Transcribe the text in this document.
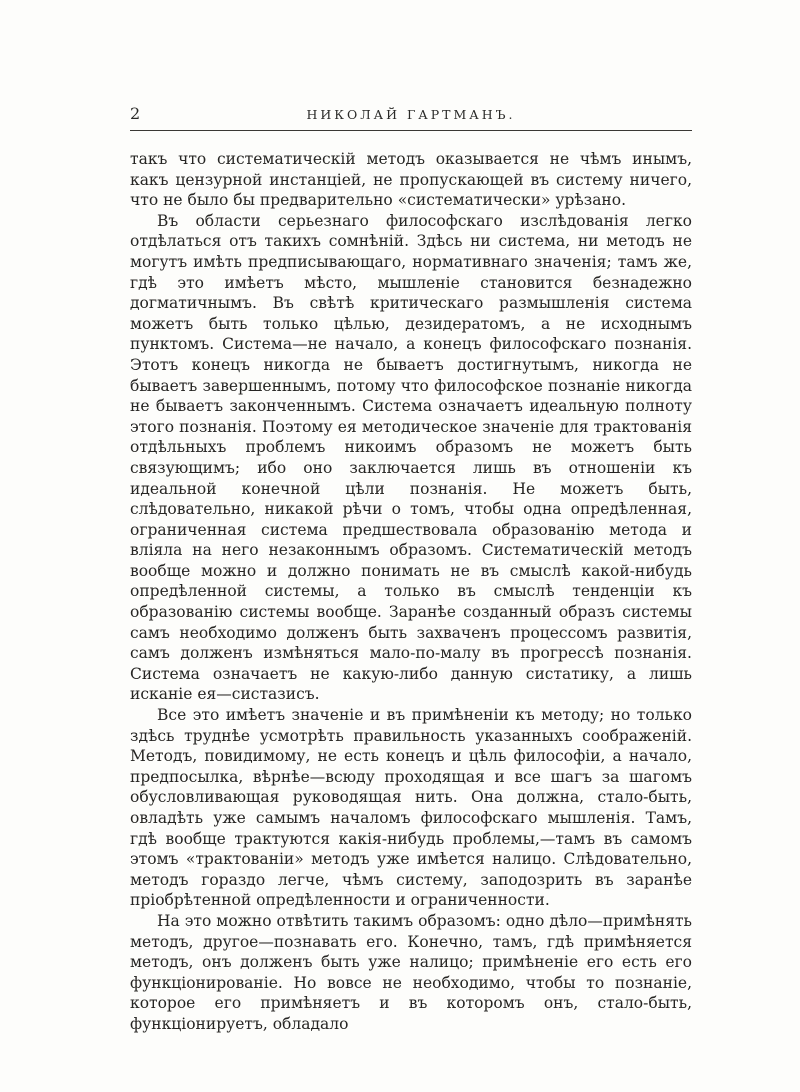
2	НИКОЛАЙ ГАРТМАНЪ.

такъ что систематическій методъ оказывается не чѣмъ инымъ, какъ цензурной инстанціей, не пропускающей въ систему ничего, что не было бы предварительно «систематически» урѣзано.

Въ области серьезнаго философскаго изслѣдованія легко отдѣлаться отъ такихъ сомнѣній. Здѣсь ни система, ни методъ не могутъ имѣть предписывающаго, нормативнаго значенія; тамъ же, гдѣ это имѣетъ мѣсто, мышленіе становится безнадежно догматичнымъ. Въ свѣтѣ критическаго размышленія система можетъ быть только цѣлью, дезидератомъ, а не исходнымъ пунктомъ. Система—не начало, а конецъ философскаго познанія. Этотъ конецъ никогда не бываетъ достигнутымъ, никогда не бываетъ завершеннымъ, потому что философское познаніе никогда не бываетъ законченнымъ. Система означаетъ идеальную полноту этого познанія. Поэтому ея методическое значеніе для трактованія отдѣльныхъ проблемъ никоимъ образомъ не можетъ быть связующимъ; ибо оно заключается лишь въ отношеніи къ идеальной конечной цѣли познанія. Не можетъ быть, слѣдовательно, никакой рѣчи о томъ, чтобы одна опредѣленная, ограниченная система предшествовала образованію метода и вліяла на него незаконнымъ образомъ. Систематическій методъ вообще можно и должно понимать не въ смыслѣ какой-нибудь опредѣленной системы, а только въ смыслѣ тенденціи къ образованію системы вообще. Заранѣе созданный образъ системы самъ необходимо долженъ быть захваченъ процессомъ развитія, самъ долженъ измѣняться мало-по-малу въ прогрессѣ познанія. Система означаетъ не какую-либо данную систатику, а лишь исканіе ея—систазисъ.

Все это имѣетъ значеніе и въ примѣненіи къ методу; но только здѣсь труднѣе усмотрѣть правильность указанныхъ соображеній. Методъ, повидимому, не есть конецъ и цѣль философіи, а начало, предпосылка, вѣрнѣе—всюду проходящая и все шагъ за шагомъ обусловливающая руководящая нить. Она должна, стало-быть, овладѣть уже самымъ началомъ философскаго мышленія. Тамъ, гдѣ вообще трактуются какія-нибудь проблемы,—тамъ въ самомъ этомъ «трактованіи» методъ уже имѣется налицо. Слѣдовательно, методъ гораздо легче, чѣмъ систему, заподозрить въ заранѣе пріобрѣтенной опредѣленности и ограниченности.

На это можно отвѣтить такимъ образомъ: одно дѣло—примѣнять методъ, другое—познавать его. Конечно, тамъ, гдѣ примѣняется методъ, онъ долженъ быть уже налицо; примѣненіе его есть его функціонированіе. Но вовсе не необходимо, чтобы то познаніе, которое его примѣняетъ и въ которомъ онъ, стало-быть, функціонируетъ, обладало
